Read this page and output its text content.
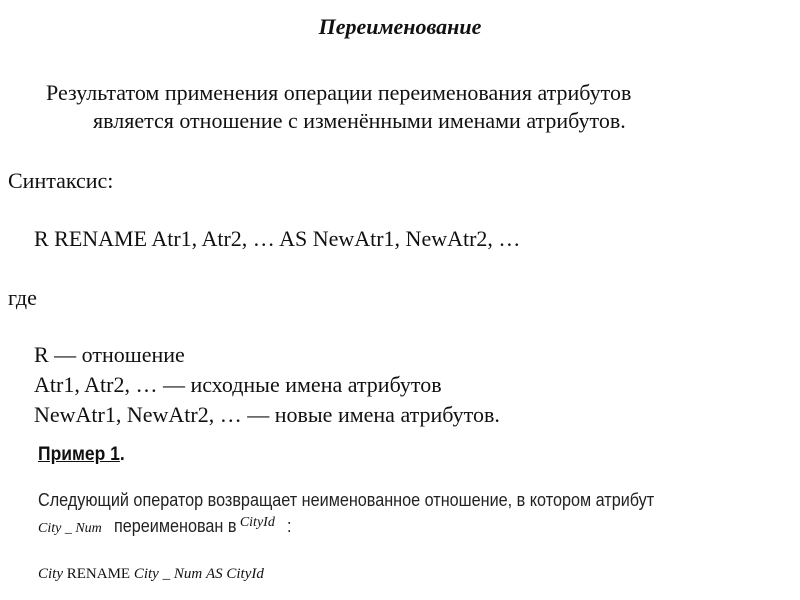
Переименование
Результатом применения операции переименования атрибутов
является отношение с изменёнными именами атрибутов.
Синтаксис:
R RENAME Atr1, Atr2, … AS NewAtr1, NewAtr2, …
где
R — отношение
Atr1, Atr2, … — исходные имена атрибутов
NewAtr1, NewAtr2, … — новые имена атрибутов.
Пример 1.
Следующий оператор возвращает неименованное отношение, в котором атрибут
City _ Num переименован в CityId :
City RENAME City _ Num AS CityId
